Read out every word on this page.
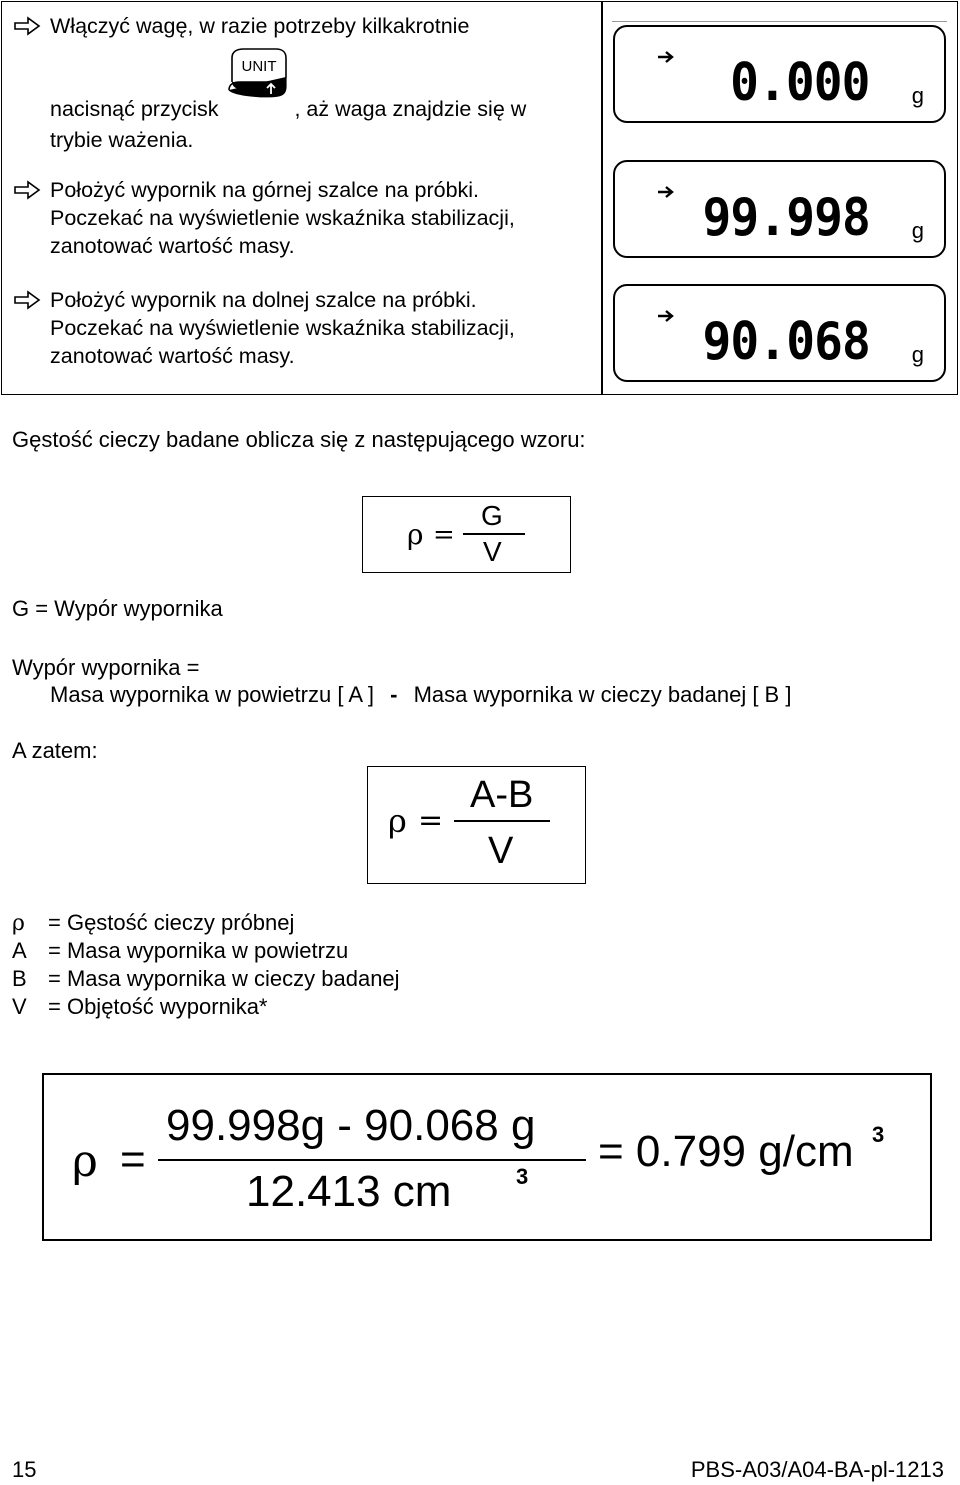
Włączyć wagę, w razie potrzeby kilkakrotnie
nacisnąć przycisk
UNIT
, aż waga znajdzie się w
trybie ważenia.
Położyć wypornik na górnej szalce na próbki.
Poczekać na wyświetlenie wskaźnika stabilizacji,
zanotować wartość masy.
Położyć wypornik na dolnej szalce na próbki.
Poczekać na wyświetlenie wskaźnika stabilizacji,
zanotować wartość masy.
0.000 g
99.998 g
90.068 g
Gęstość cieczy badane oblicza się z następującego wzoru:
ρ =
G
V
G = Wypór wypornika
Wypór wypornika =
Masa wypornika w powietrzu [ A ] - Masa wypornika w cieczy badanej [ B ]
A zatem:
ρ =
A-B
V
ρ = Gęstość cieczy próbnej
A = Masa wypornika w powietrzu
B = Masa wypornika w cieczy badanej
V = Objętość wypornika*
ρ =
99.998g - 90.068 g
12.413 cm	3
= 0.799 g/cm 3
15	PBS-A03/A04-BA-pl-1213
